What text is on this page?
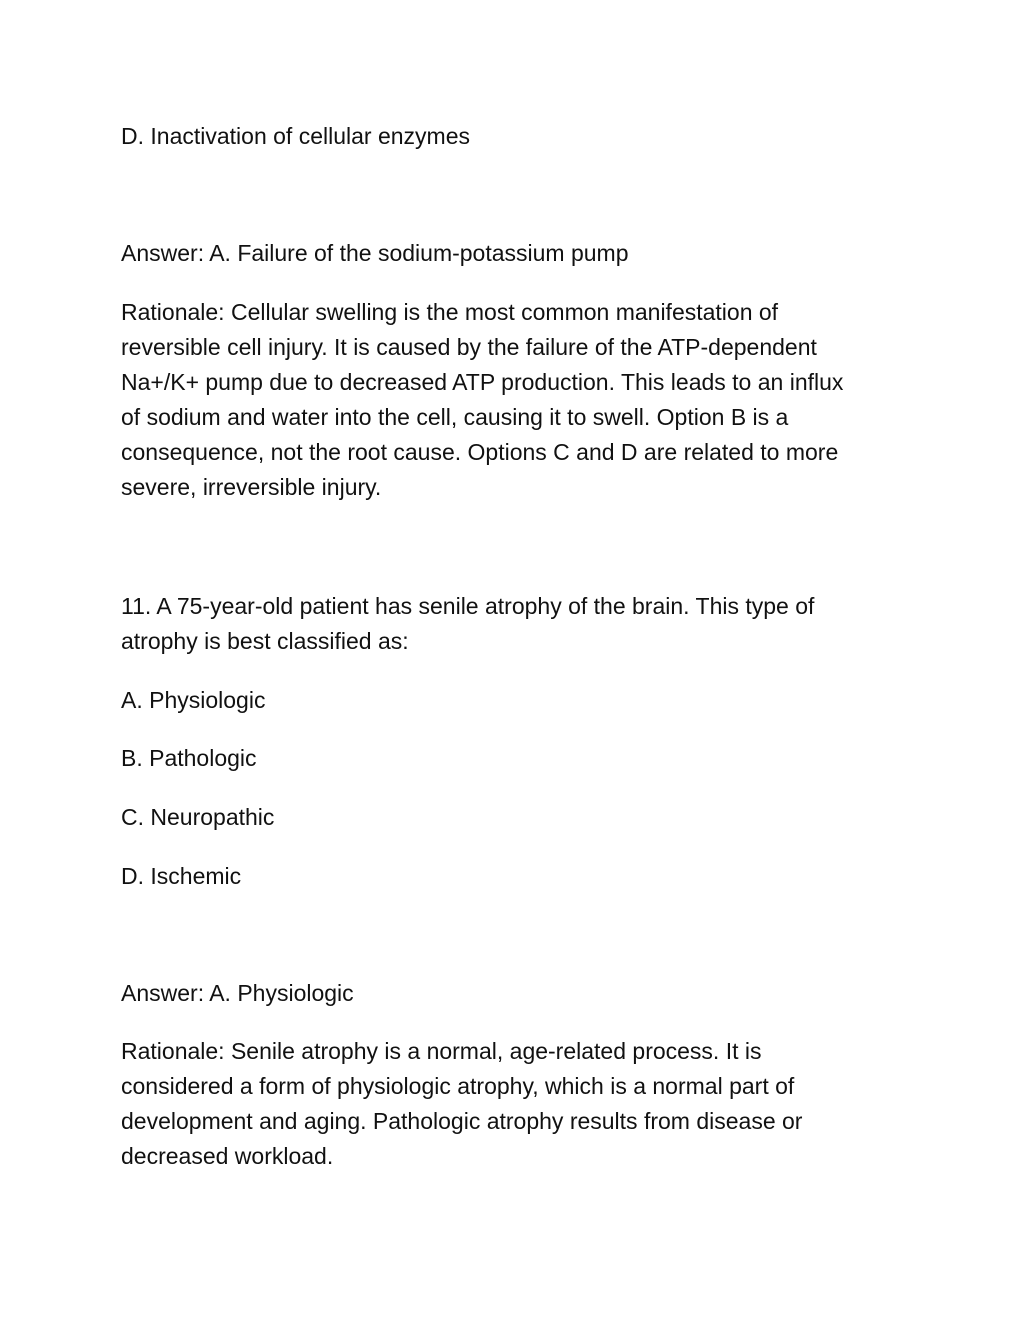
D. Inactivation of cellular enzymes

Answer: A. Failure of the sodium-potassium pump

Rationale: Cellular swelling is the most common manifestation of
reversible cell injury. It is caused by the failure of the ATP-dependent
Na+/K+ pump due to decreased ATP production. This leads to an influx
of sodium and water into the cell, causing it to swell. Option B is a
consequence, not the root cause. Options C and D are related to more
severe, irreversible injury.
11. A 75-year-old patient has senile atrophy of the brain. This type of
atrophy is best classified as:

A. Physiologic

B. Pathologic

C. Neuropathic

D. Ischemic

Answer: A. Physiologic

Rationale: Senile atrophy is a normal, age-related process. It is
considered a form of physiologic atrophy, which is a normal part of
development and aging. Pathologic atrophy results from disease or
decreased workload.
